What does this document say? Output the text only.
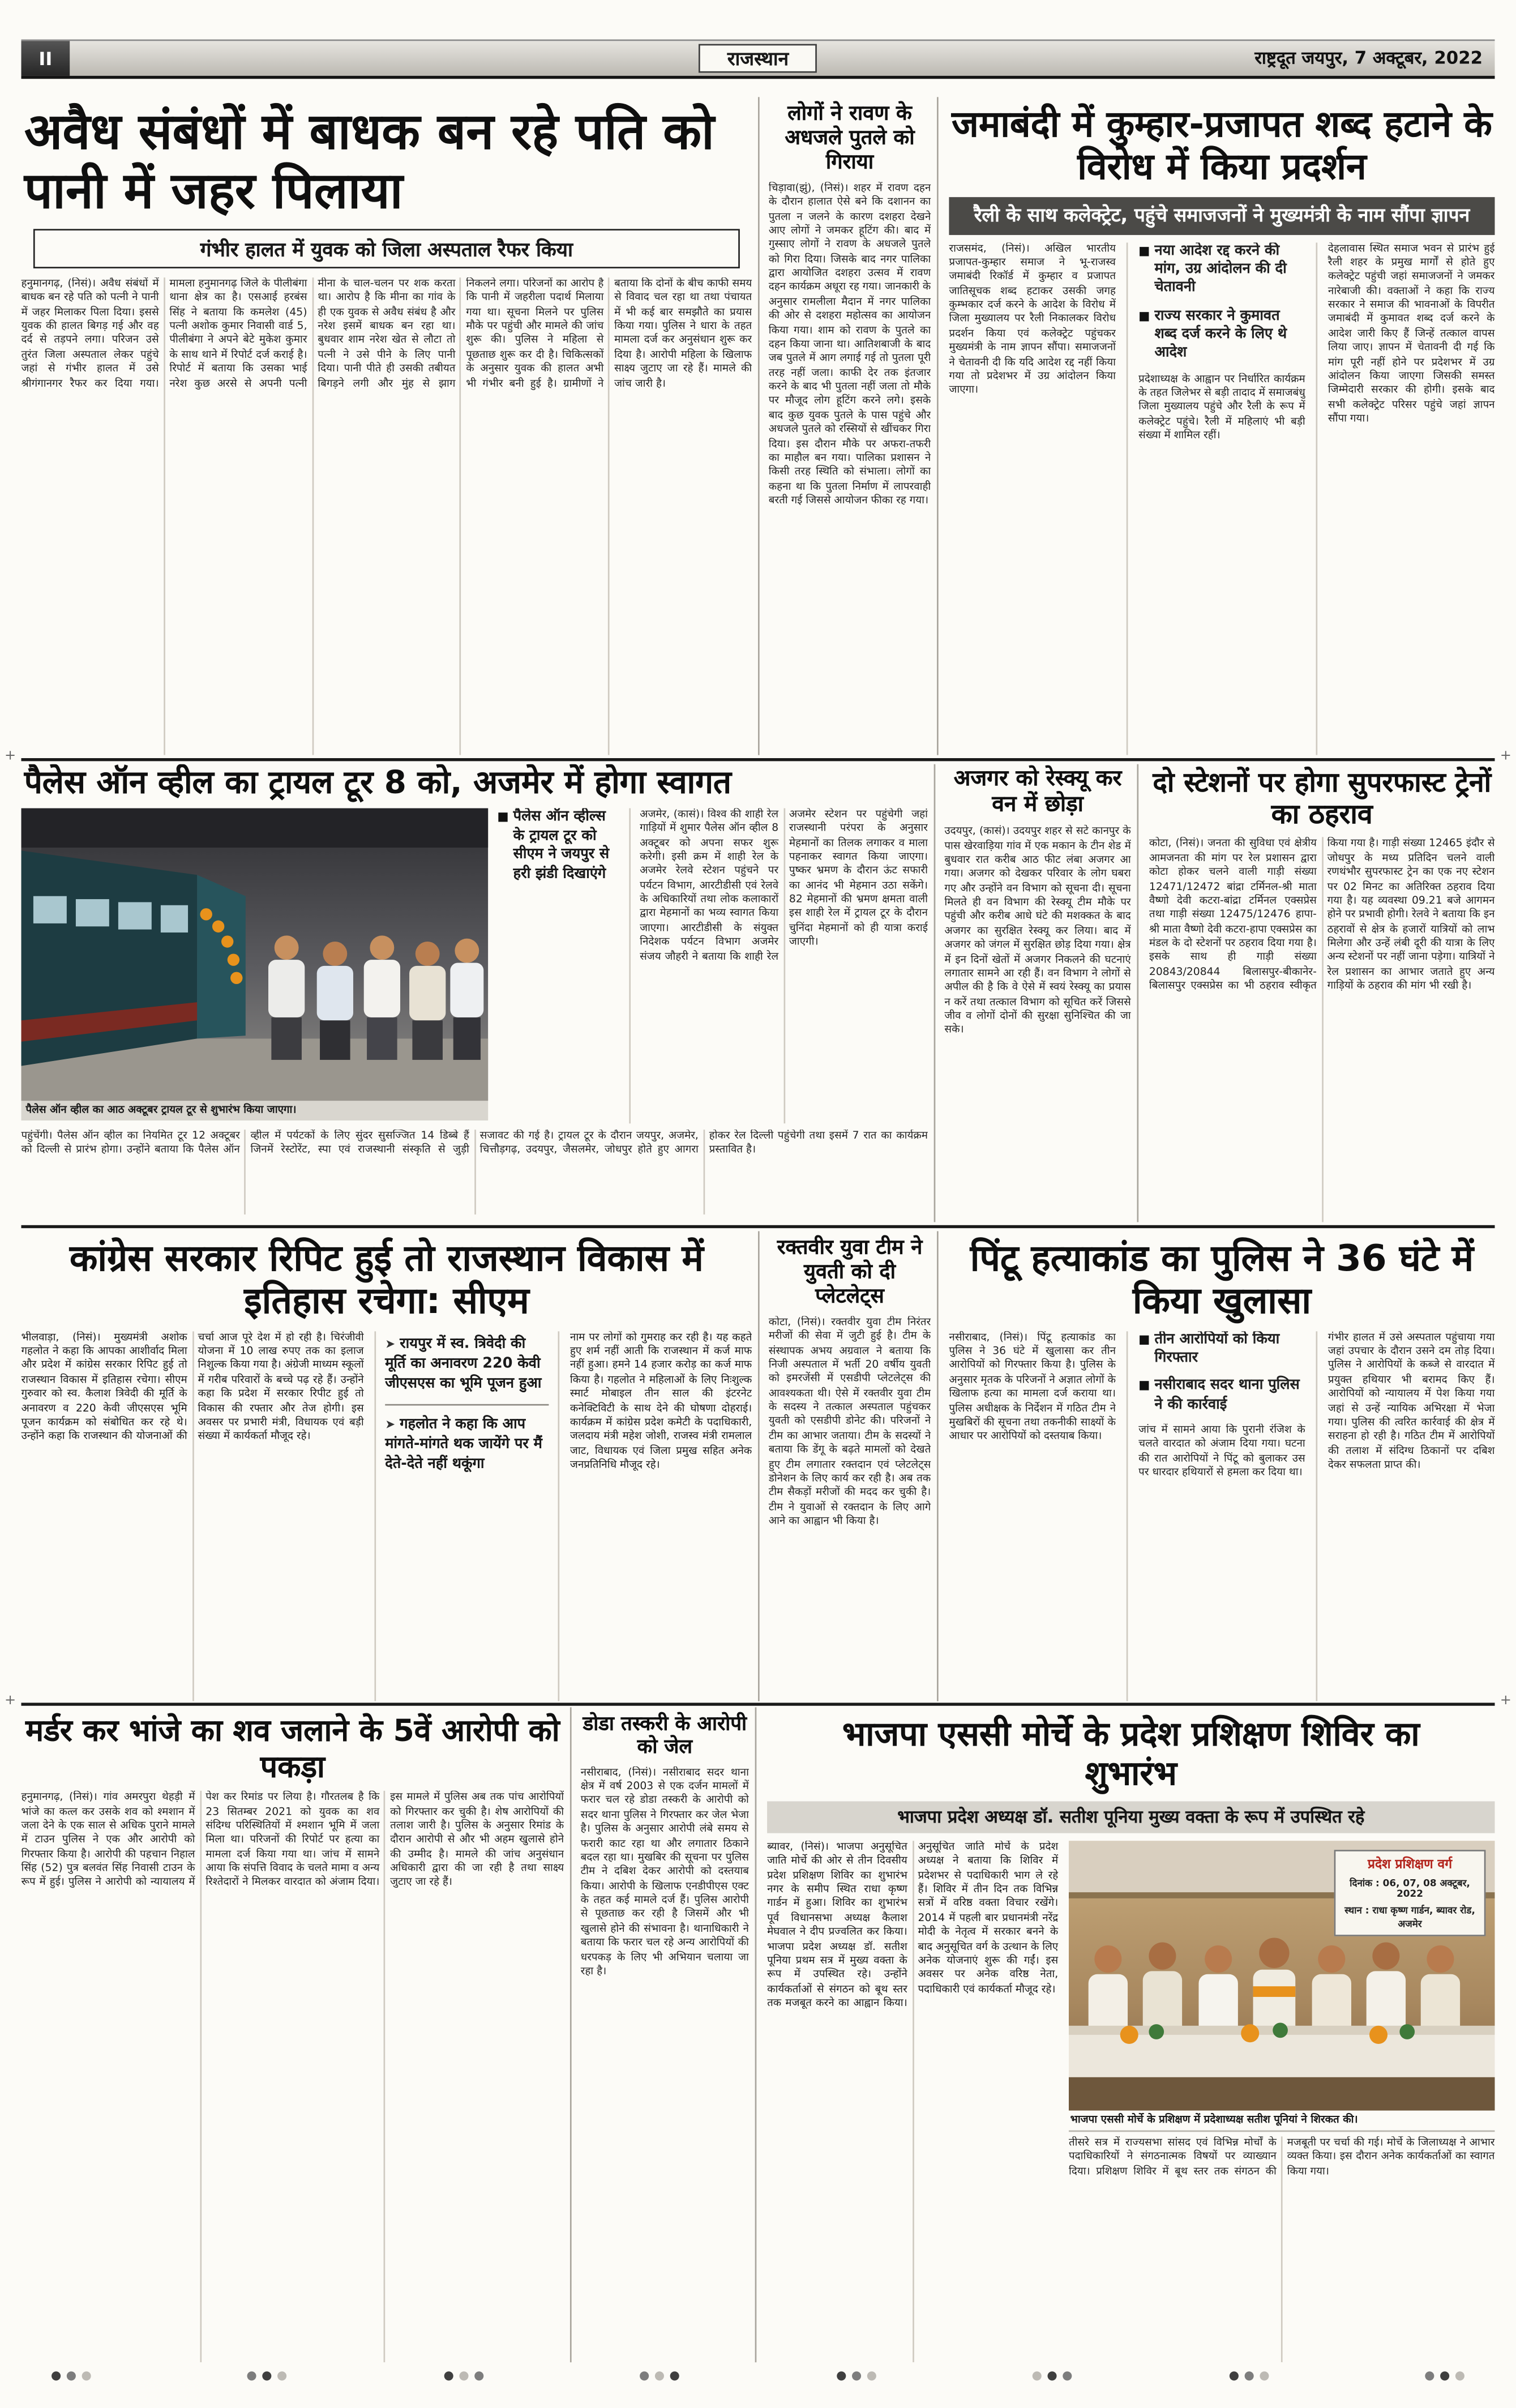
II	राजस्थान	राष्ट्रदूत जयपुर, 7 अक्टूबर, 2022
अवैध संबंधों में बाधक बन रहे पति को पानी में जहर पिलाया
गंभीर हालत में युवक को जिला अस्पताल रैफर किया
हनुमानगढ़, (निसं)। अवैध संबंधों में बाधक बन रहे पति को पत्नी ने पानी में जहर मिलाकर पिला दिया। इससे युवक की हालत बिगड़ गई और वह दर्द से तड़पने लगा। परिजन उसे तुरंत जिला अस्पताल लेकर पहुंचे जहां से गंभीर हालत में उसे श्रीगंगानगर रैफर कर दिया गया। मामला हनुमानगढ़ जिले के पीलीबंगा थाना क्षेत्र का है। एसआई हरबंस सिंह ने बताया कि कमलेश (45) पत्नी अशोक कुमार निवासी वार्ड 5, पीलीबंगा ने अपने बेटे मुकेश कुमार के साथ थाने में रिपोर्ट दर्ज कराई है। रिपोर्ट में बताया कि उसका भाई नरेश कुछ अरसे से अपनी पत्नी मीना के चाल-चलन पर शक करता था। आरोप है कि मीना का गांव के ही एक युवक से अवैध संबंध है और नरेश इसमें बाधक बन रहा था। बुधवार शाम नरेश खेत से लौटा तो पत्नी ने उसे पीने के लिए पानी दिया। पानी पीते ही उसकी तबीयत बिगड़ने लगी और मुंह से झाग निकलने लगा। परिजनों का आरोप है कि पानी में जहरीला पदार्थ मिलाया गया था। सूचना मिलने पर पुलिस मौके पर पहुंची और मामले की जांच शुरू की। पुलिस ने महिला से पूछताछ शुरू कर दी है। चिकित्सकों के अनुसार युवक की हालत अभी भी गंभीर बनी हुई है। ग्रामीणों ने बताया कि दोनों के बीच काफी समय से विवाद चल रहा था तथा पंचायत में भी कई बार समझौते का प्रयास किया गया। पुलिस ने धारा के तहत मामला दर्ज कर अनुसंधान शुरू कर दिया है। आरोपी महिला के खिलाफ साक्ष्य जुटाए जा रहे हैं। मामले की जांच जारी है।
लोगों ने रावण के अधजले पुतले को गिराया
चिड़ावा(झुं), (निसं)। शहर में रावण दहन के दौरान हालात ऐसे बने कि दशानन का पुतला न जलने के कारण दशहरा देखने आए लोगों ने जमकर हूटिंग की। बाद में गुस्साए लोगों ने रावण के अधजले पुतले को गिरा दिया। जिसके बाद नगर पालिका द्वारा आयोजित दशहरा उत्सव में रावण दहन कार्यक्रम अधूरा रह गया। जानकारी के अनुसार रामलीला मैदान में नगर पालिका की ओर से दशहरा महोत्सव का आयोजन किया गया। शाम को रावण के पुतले का दहन किया जाना था। आतिशबाजी के बाद जब पुतले में आग लगाई गई तो पुतला पूरी तरह नहीं जला। काफी देर तक इंतजार करने के बाद भी पुतला नहीं जला तो मौके पर मौजूद लोग हूटिंग करने लगे। इसके बाद कुछ युवक पुतले के पास पहुंचे और अधजले पुतले को रस्सियों से खींचकर गिरा दिया। इस दौरान मौके पर अफरा-तफरी का माहौल बन गया। पालिका प्रशासन ने किसी तरह स्थिति को संभाला। लोगों का कहना था कि पुतला निर्माण में लापरवाही बरती गई जिससे आयोजन फीका रह गया।
जमाबंदी में कुम्हार-प्रजापत शब्द हटाने के विरोध में किया प्रदर्शन
रैली के साथ कलेक्ट्रेट, पहुंचे समाजजनों ने मुख्यमंत्री के नाम सौंपा ज्ञापन
राजसमंद, (निसं)। अखिल भारतीय प्रजापत-कुम्हार समाज ने भू-राजस्व जमाबंदी रिकॉर्ड में कुम्हार व प्रजापत जातिसूचक शब्द हटाकर उसकी जगह कुम्भकार दर्ज करने के आदेश के विरोध में जिला मुख्यालय पर रैली निकालकर विरोध प्रदर्शन किया एवं कलेक्ट्रेट पहुंचकर मुख्यमंत्री के नाम ज्ञापन सौंपा। समाजजनों ने चेतावनी दी कि यदि आदेश रद्द नहीं किया गया तो प्रदेशभर में उग्र आंदोलन किया जाएगा।
■ नया आदेश रद्द करने की मांग, उग्र आंदोलन की दी चेतावनी
■ राज्य सरकार ने कुमावत शब्द दर्ज करने के लिए थे आदेश
प्रदेशाध्यक्ष के आह्वान पर निर्धारित कार्यक्रम के तहत जिलेभर से बड़ी तादाद में समाजबंधु जिला मुख्यालय पहुंचे और रैली के रूप में कलेक्ट्रेट पहुंचे। रैली में महिलाएं भी बड़ी संख्या में शामिल रहीं।
देहलावास स्थित समाज भवन से प्रारंभ हुई रैली शहर के प्रमुख मार्गों से होते हुए कलेक्ट्रेट पहुंची जहां समाजजनों ने जमकर नारेबाजी की। वक्ताओं ने कहा कि राज्य सरकार ने समाज की भावनाओं के विपरीत जमाबंदी में कुमावत शब्द दर्ज करने के आदेश जारी किए हैं जिन्हें तत्काल वापस लिया जाए। ज्ञापन में चेतावनी दी गई कि मांग पूरी नहीं होने पर प्रदेशभर में उग्र आंदोलन किया जाएगा जिसकी समस्त जिम्मेदारी सरकार की होगी। इसके बाद सभी कलेक्ट्रेट परिसर पहुंचे जहां ज्ञापन सौंपा गया।
पैलेस ऑन व्हील का ट्रायल टूर 8 को, अजमेर में होगा स्वागत
पैलेस ऑन व्हील का आठ अक्टूबर ट्रायल टूर से शुभारंभ किया जाएगा।
■ पैलेस ऑन व्हील्स के ट्रायल टूर को सीएम ने जयपुर से हरी झंडी दिखाएंगे
अजमेर, (कासं)। विश्व की शाही रेल गाड़ियों में शुमार पैलेस ऑन व्हील 8 अक्टूबर को अपना सफर शुरू करेगी। इसी क्रम में शाही रेल के अजमेर रेलवे स्टेशन पहुंचने पर पर्यटन विभाग, आरटीडीसी एवं रेलवे के अधिकारियों तथा लोक कलाकारों द्वारा मेहमानों का भव्य स्वागत किया जाएगा। आरटीडीसी के संयुक्त निदेशक पर्यटन विभाग अजमेर संजय जौहरी ने बताया कि शाही रेल अजमेर स्टेशन पर पहुंचेगी जहां राजस्थानी परंपरा के अनुसार मेहमानों का तिलक लगाकर व माला पहनाकर स्वागत किया जाएगा। पुष्कर भ्रमण के दौरान ऊंट सफारी का आनंद भी मेहमान उठा सकेंगे। 82 मेहमानों की भ्रमण क्षमता वाली इस शाही रेल में ट्रायल टूर के दौरान चुनिंदा मेहमानों को ही यात्रा कराई जाएगी।
पहुंचेंगी। पैलेस ऑन व्हील का नियमित टूर 12 अक्टूबर को दिल्ली से प्रारंभ होगा। उन्होंने बताया कि पैलेस ऑन व्हील में पर्यटकों के लिए सुंदर सुसज्जित 14 डिब्बे हैं जिनमें रेस्टोरेंट, स्पा एवं राजस्थानी संस्कृति से जुड़ी सजावट की गई है। ट्रायल टूर के दौरान जयपुर, अजमेर, चित्तौड़गढ़, उदयपुर, जैसलमेर, जोधपुर होते हुए आगरा होकर रेल दिल्ली पहुंचेगी तथा इसमें 7 रात का कार्यक्रम प्रस्तावित है।
अजगर को रेस्क्यू कर वन में छोड़ा
उदयपुर, (कासं)। उदयपुर शहर से सटे कानपुर के पास खेरवाड़िया गांव में एक मकान के टीन शेड में बुधवार रात करीब आठ फीट लंबा अजगर आ गया। अजगर को देखकर परिवार के लोग घबरा गए और उन्होंने वन विभाग को सूचना दी। सूचना मिलते ही वन विभाग की रेस्क्यू टीम मौके पर पहुंची और करीब आधे घंटे की मशक्कत के बाद अजगर का सुरक्षित रेस्क्यू कर लिया। बाद में अजगर को जंगल में सुरक्षित छोड़ दिया गया। क्षेत्र में इन दिनों खेतों में अजगर निकलने की घटनाएं लगातार सामने आ रही हैं। वन विभाग ने लोगों से अपील की है कि वे ऐसे में स्वयं रेस्क्यू का प्रयास न करें तथा तत्काल विभाग को सूचित करें जिससे जीव व लोगों दोनों की सुरक्षा सुनिश्चित की जा सके।
दो स्टेशनों पर होगा सुपरफास्ट ट्रेनों का ठहराव
कोटा, (निसं)। जनता की सुविधा एवं क्षेत्रीय आमजनता की मांग पर रेल प्रशासन द्वारा कोटा होकर चलने वाली गाड़ी संख्या 12471/12472 बांद्रा टर्मिनल-श्री माता वैष्णो देवी कटरा-बांद्रा टर्मिनल एक्सप्रेस तथा गाड़ी संख्या 12475/12476 हापा-श्री माता वैष्णो देवी कटरा-हापा एक्सप्रेस का मंडल के दो स्टेशनों पर ठहराव दिया गया है। इसके साथ ही गाड़ी संख्या 20843/20844 बिलासपुर-बीकानेर-बिलासपुर एक्सप्रेस का भी ठहराव स्वीकृत किया गया है। गाड़ी संख्या 12465 इंदौर से जोधपुर के मध्य प्रतिदिन चलने वाली रणथंभौर सुपरफास्ट ट्रेन का एक नए स्टेशन पर 02 मिनट का अतिरिक्त ठहराव दिया गया है। यह व्यवस्था 09.21 बजे आगमन होने पर प्रभावी होगी। रेलवे ने बताया कि इन ठहरावों से क्षेत्र के हजारों यात्रियों को लाभ मिलेगा और उन्हें लंबी दूरी की यात्रा के लिए अन्य स्टेशनों पर नहीं जाना पड़ेगा। यात्रियों ने रेल प्रशासन का आभार जताते हुए अन्य गाड़ियों के ठहराव की मांग भी रखी है।
कांग्रेस सरकार रिपिट हुई तो राजस्थान विकास में इतिहास रचेगा: सीएम
भीलवाड़ा, (निसं)। मुख्यमंत्री अशोक गहलोत ने कहा कि आपका आशीर्वाद मिला और प्रदेश में कांग्रेस सरकार रिपिट हुई तो राजस्थान विकास में इतिहास रचेगा। सीएम गुरुवार को स्व. कैलाश त्रिवेदी की मूर्ति के अनावरण व 220 केवी जीएसएस भूमि पूजन कार्यक्रम को संबोधित कर रहे थे। उन्होंने कहा कि राजस्थान की योजनाओं की चर्चा आज पूरे देश में हो रही है। चिरंजीवी योजना में 10 लाख रुपए तक का इलाज निशुल्क किया गया है। अंग्रेजी माध्यम स्कूलों में गरीब परिवारों के बच्चे पढ़ रहे हैं। उन्होंने कहा कि प्रदेश में सरकार रिपीट हुई तो विकास की रफ्तार और तेज होगी। इस अवसर पर प्रभारी मंत्री, विधायक एवं बड़ी संख्या में कार्यकर्ता मौजूद रहे।
➤ रायपुर में स्व. त्रिवेदी की मूर्ति का अनावरण 220 केवी जीएसएस का भूमि पूजन हुआ
➤ गहलोत ने कहा कि आप मांगते-मांगते थक जायेंगे पर मैं देते-देते नहीं थकूंगा
नाम पर लोगों को गुमराह कर रही है। यह कहते हुए शर्म नहीं आती कि राजस्थान में कर्ज माफ नहीं हुआ। हमने 14 हजार करोड़ का कर्ज माफ किया है। गहलोत ने महिलाओं के लिए निःशुल्क स्मार्ट मोबाइल तीन साल की इंटरनेट कनेक्टिविटी के साथ देने की घोषणा दोहराई। कार्यक्रम में कांग्रेस प्रदेश कमेटी के पदाधिकारी, जलदाय मंत्री महेश जोशी, राजस्व मंत्री रामलाल जाट, विधायक एवं जिला प्रमुख सहित अनेक जनप्रतिनिधि मौजूद रहे।
रक्तवीर युवा टीम ने युवती को दी प्लेटलेट्स
कोटा, (निसं)। रक्तवीर युवा टीम निरंतर मरीजों की सेवा में जुटी हुई है। टीम के संस्थापक अभय अग्रवाल ने बताया कि निजी अस्पताल में भर्ती 20 वर्षीय युवती को इमरजेंसी में एसडीपी प्लेटलेट्स की आवश्यकता थी। ऐसे में रक्तवीर युवा टीम के सदस्य ने तत्काल अस्पताल पहुंचकर युवती को एसडीपी डोनेट की। परिजनों ने टीम का आभार जताया। टीम के सदस्यों ने बताया कि डेंगू के बढ़ते मामलों को देखते हुए टीम लगातार रक्तदान एवं प्लेटलेट्स डोनेशन के लिए कार्य कर रही है। अब तक टीम सैकड़ों मरीजों की मदद कर चुकी है। टीम ने युवाओं से रक्तदान के लिए आगे आने का आह्वान भी किया है।
पिंटू हत्याकांड का पुलिस ने 36 घंटे में किया खुलासा
नसीराबाद, (निसं)। पिंटू हत्याकांड का पुलिस ने 36 घंटे में खुलासा कर तीन आरोपियों को गिरफ्तार किया है। पुलिस के अनुसार मृतक के परिजनों ने अज्ञात लोगों के खिलाफ हत्या का मामला दर्ज कराया था। पुलिस अधीक्षक के निर्देशन में गठित टीम ने मुखबिरों की सूचना तथा तकनीकी साक्ष्यों के आधार पर आरोपियों को दस्तयाब किया।
■ तीन आरोपियों को किया गिरफ्तार
■ नसीराबाद सदर थाना पुलिस ने की कार्रवाई
जांच में सामने आया कि पुरानी रंजिश के चलते वारदात को अंजाम दिया गया। घटना की रात आरोपियों ने पिंटू को बुलाकर उस पर धारदार हथियारों से हमला कर दिया था।
गंभीर हालत में उसे अस्पताल पहुंचाया गया जहां उपचार के दौरान उसने दम तोड़ दिया। पुलिस ने आरोपियों के कब्जे से वारदात में प्रयुक्त हथियार भी बरामद किए हैं। आरोपियों को न्यायालय में पेश किया गया जहां से उन्हें न्यायिक अभिरक्षा में भेजा गया। पुलिस की त्वरित कार्रवाई की क्षेत्र में सराहना हो रही है। गठित टीम में आरोपियों की तलाश में संदिग्ध ठिकानों पर दबिश देकर सफलता प्राप्त की।
मर्डर कर भांजे का शव जलाने के 5वें आरोपी को पकड़ा
हनुमानगढ़, (निसं)। गांव अमरपुरा थेहड़ी में भांजे का कत्ल कर उसके शव को श्मशान में जला देने के एक साल से अधिक पुराने मामले में टाउन पुलिस ने एक और आरोपी को गिरफ्तार किया है। आरोपी की पहचान निहाल सिंह (52) पुत्र बलवंत सिंह निवासी टाउन के रूप में हुई। पुलिस ने आरोपी को न्यायालय में पेश कर रिमांड पर लिया है। गौरतलब है कि 23 सितम्बर 2021 को युवक का शव संदिग्ध परिस्थितियों में श्मशान भूमि में जला मिला था। परिजनों की रिपोर्ट पर हत्या का मामला दर्ज किया गया था। जांच में सामने आया कि संपत्ति विवाद के चलते मामा व अन्य रिश्तेदारों ने मिलकर वारदात को अंजाम दिया। इस मामले में पुलिस अब तक पांच आरोपियों को गिरफ्तार कर चुकी है। शेष आरोपियों की तलाश जारी है। पुलिस के अनुसार रिमांड के दौरान आरोपी से और भी अहम खुलासे होने की उम्मीद है। मामले की जांच अनुसंधान अधिकारी द्वारा की जा रही है तथा साक्ष्य जुटाए जा रहे हैं।
डोडा तस्करी के आरोपी को जेल
नसीराबाद, (निसं)। नसीराबाद सदर थाना क्षेत्र में वर्ष 2003 से एक दर्जन मामलों में फरार चल रहे डोडा तस्करी के आरोपी को सदर थाना पुलिस ने गिरफ्तार कर जेल भेजा है। पुलिस के अनुसार आरोपी लंबे समय से फरारी काट रहा था और लगातार ठिकाने बदल रहा था। मुखबिर की सूचना पर पुलिस टीम ने दबिश देकर आरोपी को दस्तयाब किया। आरोपी के खिलाफ एनडीपीएस एक्ट के तहत कई मामले दर्ज हैं। पुलिस आरोपी से पूछताछ कर रही है जिसमें और भी खुलासे होने की संभावना है। थानाधिकारी ने बताया कि फरार चल रहे अन्य आरोपियों की धरपकड़ के लिए भी अभियान चलाया जा रहा है।
भाजपा एससी मोर्चे के प्रदेश प्रशिक्षण शिविर का शुभारंभ
भाजपा प्रदेश अध्यक्ष डॉ. सतीश पूनिया मुख्य वक्ता के रूप में उपस्थित रहे
ब्यावर, (निसं)। भाजपा अनुसूचित जाति मोर्चे की ओर से तीन दिवसीय प्रदेश प्रशिक्षण शिविर का शुभारंभ नगर के समीप स्थित राधा कृष्ण गार्डन में हुआ। शिविर का शुभारंभ पूर्व विधानसभा अध्यक्ष कैलाश मेघवाल ने दीप प्रज्वलित कर किया। भाजपा प्रदेश अध्यक्ष डॉ. सतीश पूनिया प्रथम सत्र में मुख्य वक्ता के रूप में उपस्थित रहे। उन्होंने कार्यकर्ताओं से संगठन को बूथ स्तर तक मजबूत करने का आह्वान किया। अनुसूचित जाति मोर्चे के प्रदेश अध्यक्ष ने बताया कि शिविर में प्रदेशभर से पदाधिकारी भाग ले रहे हैं। शिविर में तीन दिन तक विभिन्न सत्रों में वरिष्ठ वक्ता विचार रखेंगे। 2014 में पहली बार प्रधानमंत्री नरेंद्र मोदी के नेतृत्व में सरकार बनने के बाद अनुसूचित वर्ग के उत्थान के लिए अनेक योजनाएं शुरू की गईं। इस अवसर पर अनेक वरिष्ठ नेता, पदाधिकारी एवं कार्यकर्ता मौजूद रहे।
प्रदेश प्रशिक्षण वर्ग
दिनांक : 06, 07, 08 अक्टूबर, 2022
स्थान : राधा कृष्ण गार्डन, ब्यावर रोड, अजमेर
भाजपा एससी मोर्चे के प्रशिक्षण में प्रदेशाध्यक्ष सतीश पूनियां ने शिरकत की।
तीसरे सत्र में राज्यसभा सांसद एवं विभिन्न मोर्चों के पदाधिकारियों ने संगठनात्मक विषयों पर व्याख्यान दिया। प्रशिक्षण शिविर में बूथ स्तर तक संगठन की मजबूती पर चर्चा की गई। मोर्चे के जिलाध्यक्ष ने आभार व्यक्त किया। इस दौरान अनेक कार्यकर्ताओं का स्वागत किया गया।
+	+
+	+
